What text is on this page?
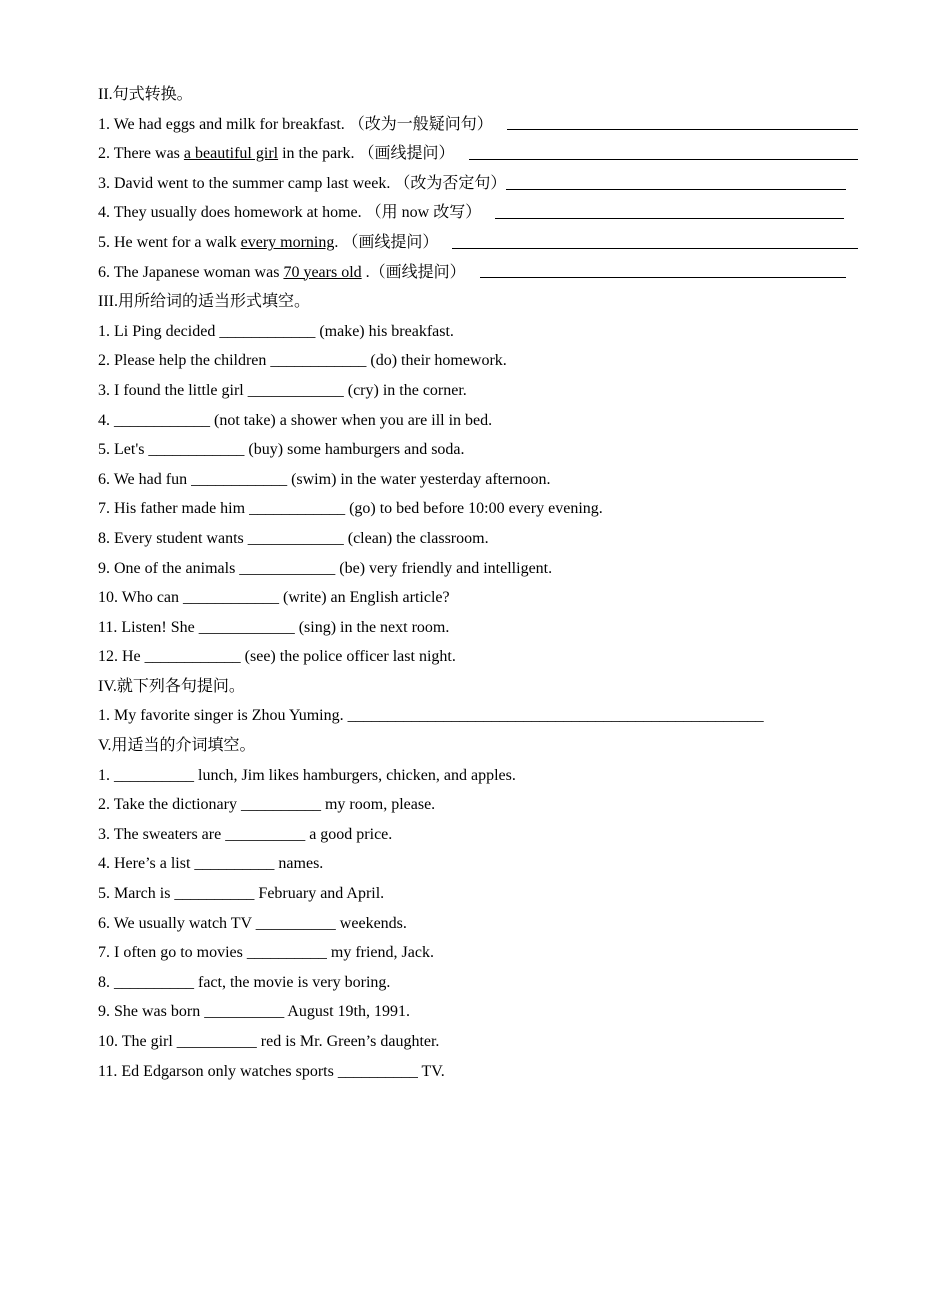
II.句式转换。
1. We had eggs and milk for breakfast. （改为一般疑问句）
2. There was a beautiful girl in the park. （画线提问）
3. David went to the summer camp last week. （改为否定句）
4. They usually does homework at home. （用 now 改写）
5. He went for a walk every morning. （画线提问）
6. The Japanese woman was 70 years old .（画线提问）
III.用所给词的适当形式填空。
1. Li Ping decided ____________ (make) his breakfast.
2. Please help the children ____________ (do) their homework.
3. I found the little girl ____________ (cry) in the corner.
4. ____________ (not take) a shower when you are ill in bed.
5. Let's ____________ (buy) some hamburgers and soda.
6. We had fun ____________ (swim) in the water yesterday afternoon.
7. His father made him ____________ (go) to bed before 10:00 every evening.
8. Every student wants ____________ (clean) the classroom.
9. One of the animals ____________ (be) very friendly and intelligent.
10. Who can ____________ (write) an English article?
11. Listen! She ____________ (sing) in the next room.
12. He ____________ (see) the police officer last night.
IV.就下列各句提问。
1. My favorite singer is Zhou Yuming. ____________________________________________________
V.用适当的介词填空。
1. __________ lunch, Jim likes hamburgers, chicken, and apples.
2. Take the dictionary __________ my room, please.
3. The sweaters are __________ a good price.
4. Here’s a list __________ names.
5. March is __________ February and April.
6. We usually watch TV __________ weekends.
7. I often go to movies __________ my friend, Jack.
8. __________ fact, the movie is very boring.
9. She was born __________ August 19th, 1991.
10. The girl __________ red is Mr. Green’s daughter.
11. Ed Edgarson only watches sports __________ TV.
